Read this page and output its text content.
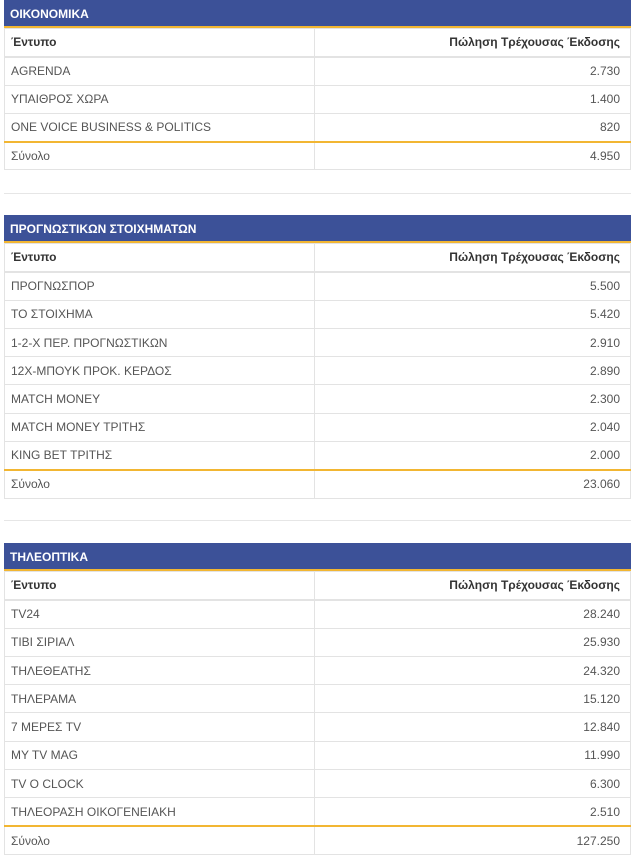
ΟΙΚΟΝΟΜΙΚΑ
Έντυπο	Πώληση Τρέχουσας Έκδοσης
AGRENDA	2.730
ΥΠΑΙΘΡΟΣ ΧΩΡΑ	1.400
ONE VOICE BUSINESS & POLITICS	820
Σύνολο	4.950
ΠΡΟΓΝΩΣΤΙΚΩΝ ΣΤΟΙΧΗΜΑΤΩΝ
Έντυπο	Πώληση Τρέχουσας Έκδοσης
ΠΡΟΓΝΩΣΠΟΡ	5.500
ΤΟ ΣΤΟΙΧΗΜΑ	5.420
1-2-Χ ΠΕΡ. ΠΡΟΓΝΩΣΤΙΚΩΝ	2.910
12Χ-ΜΠΟΥΚ ΠΡΟΚ. ΚΕΡΔΟΣ	2.890
MATCH MONEY	2.300
MATCH MONEY ΤΡΙΤΗΣ	2.040
KING BET ΤΡΙΤΗΣ	2.000
Σύνολο	23.060
ΤΗΛΕΟΠΤΙΚΑ
Έντυπο	Πώληση Τρέχουσας Έκδοσης
TV24	28.240
ΤΙΒΙ ΣΙΡΙΑΛ	25.930
ΤΗΛΕΘΕΑΤΗΣ	24.320
ΤΗΛΕΡΑΜΑ	15.120
7 ΜΕΡΕΣ TV	12.840
MY TV MAG	11.990
TV O CLOCK	6.300
ΤΗΛΕΟΡΑΣΗ ΟΙΚΟΓΕΝΕΙΑΚΗ	2.510
Σύνολο	127.250
